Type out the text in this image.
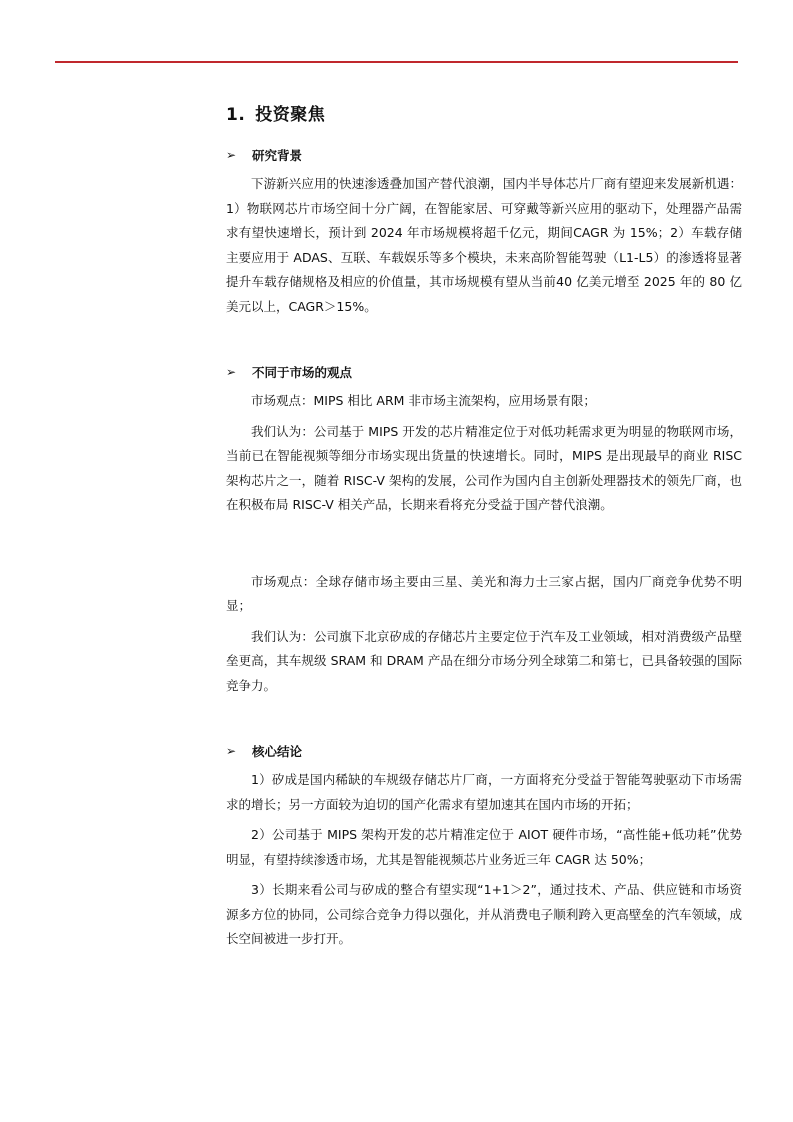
1. 投资聚焦
➢	研究背景

下游新兴应用的快速渗透叠加国产替代浪潮，国内半导体芯片厂商有望迎来发展新机遇：1）物联网芯片市场空间十分广阔，在智能家居、可穿戴等新兴应用的驱动下，处理器产品需求有望快速增长，预计到 2024 年市场规模将超千亿元，期间CAGR 为 15%；2）车载存储主要应用于 ADAS、互联、车载娱乐等多个模块，未来高阶智能驾驶（L1-L5）的渗透将显著提升车载存储规格及相应的价值量，其市场规模有望从当前40 亿美元增至 2025 年的 80 亿美元以上，CAGR＞15%。

➢	不同于市场的观点

市场观点：MIPS 相比 ARM 非市场主流架构，应用场景有限；

我们认为：公司基于 MIPS 开发的芯片精准定位于对低功耗需求更为明显的物联网市场，当前已在智能视频等细分市场实现出货量的快速增长。同时，MIPS 是出现最早的商业 RISC 架构芯片之一，随着 RISC-V 架构的发展，公司作为国内自主创新处理器技术的领先厂商，也在积极布局 RISC-V 相关产品，长期来看将充分受益于国产替代浪潮。

市场观点：全球存储市场主要由三星、美光和海力士三家占据，国内厂商竞争优势不明显；

我们认为：公司旗下北京矽成的存储芯片主要定位于汽车及工业领域，相对消费级产品壁垒更高，其车规级 SRAM 和 DRAM 产品在细分市场分列全球第二和第七，已具备较强的国际竞争力。

➢	核心结论

1）矽成是国内稀缺的车规级存储芯片厂商，一方面将充分受益于智能驾驶驱动下市场需求的增长；另一方面较为迫切的国产化需求有望加速其在国内市场的开拓；

2）公司基于 MIPS 架构开发的芯片精准定位于 AIOT 硬件市场，“高性能+低功耗”优势明显，有望持续渗透市场，尤其是智能视频芯片业务近三年 CAGR 达 50%；

3）长期来看公司与矽成的整合有望实现“1+1＞2”，通过技术、产品、供应链和市场资源多方位的协同，公司综合竞争力得以强化，并从消费电子顺利跨入更高壁垒的汽车领域，成长空间被进一步打开。
